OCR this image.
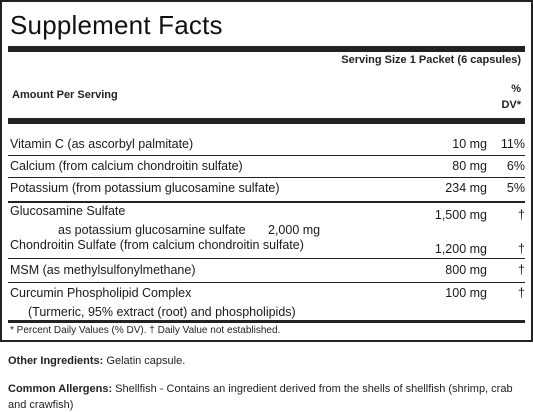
Supplement Facts
Serving Size 1 Packet (6 capsules)
Amount Per Serving	%
DV*
Vitamin C (as ascorbyl palmitate)	10 mg	11%
Calcium (from calcium chondroitin sulfate)	80 mg	6%
Potassium (from potassium glucosamine sulfate)	234 mg	5%
Glucosamine Sulfate	1,500 mg	†
as potassium glucosamine sulfate 2,000 mg
Chondroitin Sulfate (from calcium chondroitin sulfate)	1,200 mg	†
MSM (as methylsulfonylmethane)	800 mg	†
Curcumin Phospholipid Complex	100 mg	†
(Turmeric, 95% extract (root) and phospholipids)
* Percent Daily Values (% DV). † Daily Value not established.
Other Ingredients: Gelatin capsule.
Common Allergens: Shellfish - Contains an ingredient derived from the shells of shellfish (shrimp, crab and crawfish)
